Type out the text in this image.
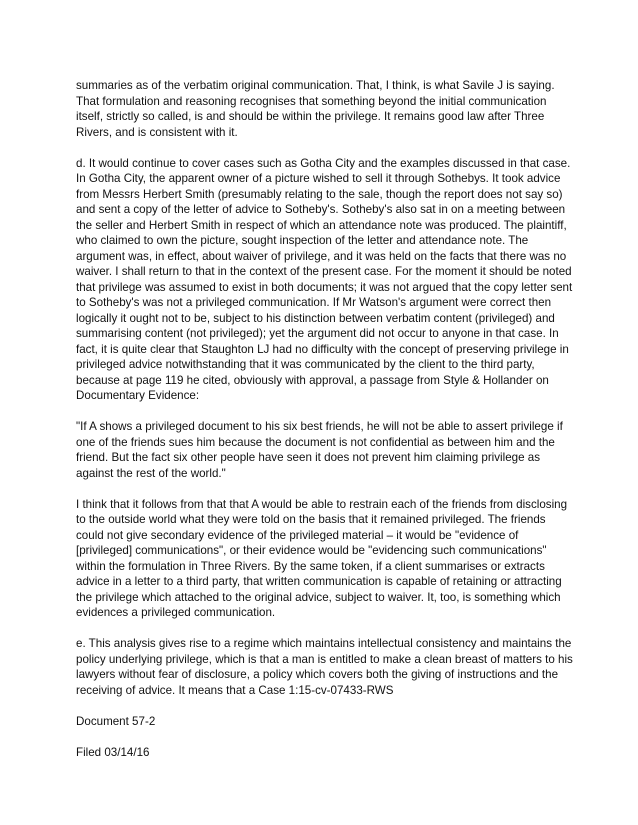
summaries as of the verbatim original communication. That, I think, is what Savile J is saying. That formulation and reasoning recognises that something beyond the initial communication itself, strictly so called, is and should be within the privilege. It remains good law after Three Rivers, and is consistent with it.

d. It would continue to cover cases such as Gotha City and the examples discussed in that case. In Gotha City, the apparent owner of a picture wished to sell it through Sothebys. It took advice from Messrs Herbert Smith (presumably relating to the sale, though the report does not say so) and sent a copy of the letter of advice to Sotheby's. Sotheby's also sat in on a meeting between the seller and Herbert Smith in respect of which an attendance note was produced. The plaintiff, who claimed to own the picture, sought inspection of the letter and attendance note. The argument was, in effect, about waiver of privilege, and it was held on the facts that there was no waiver. I shall return to that in the context of the present case. For the moment it should be noted that privilege was assumed to exist in both documents; it was not argued that the copy letter sent to Sotheby's was not a privileged communication. If Mr Watson's argument were correct then logically it ought not to be, subject to his distinction between verbatim content (privileged) and summarising content (not privileged); yet the argument did not occur to anyone in that case. In fact, it is quite clear that Staughton LJ had no difficulty with the concept of preserving privilege in privileged advice notwithstanding that it was communicated by the client to the third party, because at page 119 he cited, obviously with approval, a passage from Style & Hollander on Documentary Evidence:

"If A shows a privileged document to his six best friends, he will not be able to assert privilege if one of the friends sues him because the document is not confidential as between him and the friend. But the fact six other people have seen it does not prevent him claiming privilege as against the rest of the world."

I think that it follows from that that A would be able to restrain each of the friends from disclosing to the outside world what they were told on the basis that it remained privileged. The friends could not give secondary evidence of the privileged material – it would be "evidence of [privileged] communications", or their evidence would be "evidencing such communications" within the formulation in Three Rivers. By the same token, if a client summarises or extracts advice in a letter to a third party, that written communication is capable of retaining or attracting the privilege which attached to the original advice, subject to waiver. It, too, is something which evidences a privileged communication.

e. This analysis gives rise to a regime which maintains intellectual consistency and maintains the policy underlying privilege, which is that a man is entitled to make a clean breast of matters to his lawyers without fear of disclosure, a policy which covers both the giving of instructions and the receiving of advice. It means that a Case 1:15-cv-07433-RWS

Document 57-2

Filed 03/14/16
